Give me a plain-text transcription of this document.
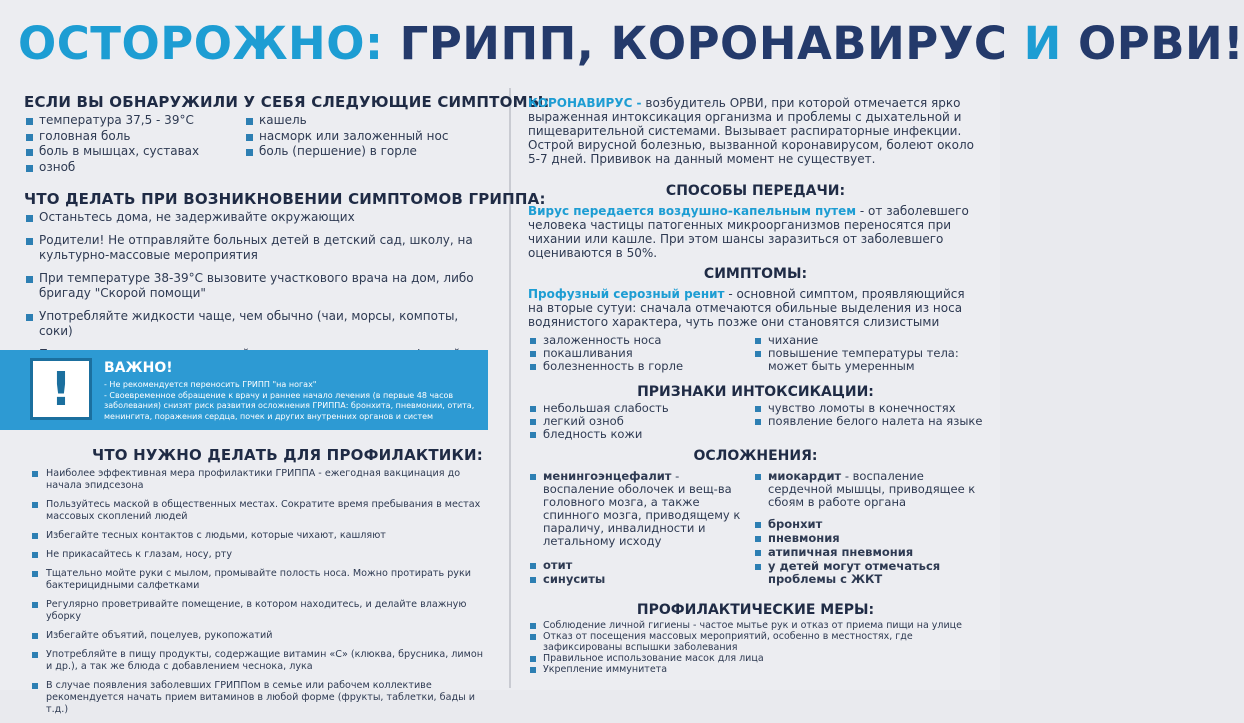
ОСТОРОЖНО: ГРИПП, КОРОНАВИРУС И ОРВИ!
ЕСЛИ ВЫ ОБНАРУЖИЛИ У СЕБЯ СЛЕДУЮЩИЕ СИМПТОМЫ:
температура 37,5 - 39°С
головная боль
боль в мышцах, суставах
озноб
кашель
насморк или заложенный нос
боль (першение) в горле
ЧТО ДЕЛАТЬ ПРИ ВОЗНИКНОВЕНИИ СИМПТОМОВ ГРИППА:
Останьтесь дома, не задерживайте окружающих
Родители! Не отправляйте больных детей в детский сад, школу, на культурно-массовые мероприятия
При температуре 38-39°С вызовите участкового врача на дом, либо бригаду "Скорой помощи"
Употребляйте жидкости чаще, чем обычно (чаи, морсы, компоты, соки)
!	ВАЖНО!
- Не рекомендуется переносить ГРИПП "на ногах"
- Своевременное обращение к врачу и раннее начало лечения (в первые 48 часов заболевания) снизят риск развития осложнения ГРИППА: бронхита, пневмонии, отита, менингита, поражения сердца, почек и других внутренних органов и систем
ЧТО НУЖНО ДЕЛАТЬ ДЛЯ ПРОФИЛАКТИКИ:
Наиболее эффективная мера профилактики ГРИППА - ежегодная вакцинация до начала эпидсезона
Пользуйтесь маской в общественных местах. Сократите время пребывания в местах массовых скоплений людей
Избегайте тесных контактов с людьми, которые чихают, кашляют
Не прикасайтесь к глазам, носу, рту
Тщательно мойте руки с мылом, промывайте полость носа. Можно протирать руки бактерицидными салфетками
Регулярно проветривайте помещение, в котором находитесь, и делайте влажную уборку
Избегайте объятий, поцелуев, рукопожатий
Употребляйте в пищу продукты, содержащие витамин «С» (клюква, брусника, лимон и др.), а так же блюда с добавлением чеснока, лука
В случае появления заболевших ГРИППом в семье или рабочем коллективе рекомендуется начать прием витаминов в любой форме (фрукты, таблетки, бады и т.д.)
КОРОНАВИРУС - возбудитель ОРВИ, при которой отмечается ярко выраженная интоксикация организма и проблемы с дыхательной и пищеварительной системами. Вызывает распираторные инфекции. Острой вирусной болезнью, вызванной коронавирусом, болеют около 5-7 дней. Прививок на данный момент не существует.
СПОСОБЫ ПЕРЕДАЧИ:
Вирус передается воздушно-капельным путем - от заболевшего человека частицы патогенных микроорганизмов переносятся при чихании или кашле. При этом шансы заразиться от заболевшего оцениваются в 50%.
СИМПТОМЫ:
Профузный серозный ренит - основной симптом, проявляющийся на вторые сутуи: сначала отмечаются обильные выделения из носа водянистого характера, чуть позже они становятся слизистыми
заложенность носа
покашливания
болезненность в горле
чихание
повышение температуры тела: может быть умеренным
ПРИЗНАКИ ИНТОКСИКАЦИИ:
небольшая слабость
легкий озноб
бледность кожи
чувство ломоты в конечностях
появление белого налета на языке
ОСЛОЖНЕНИЯ:
менингоэнцефалит - воспаление оболочек и вещ-ва головного мозга, а также спинного мозга, приводящему к параличу, инвалидности и летальному исходу
отит
синуситы
миокардит - воспаление сердечной мышцы, приводящее к сбоям в работе органа
бронхит
пневмония
атипичная пневмония
у детей могут отмечаться проблемы с ЖКТ
ПРОФИЛАКТИЧЕСКИЕ МЕРЫ:
Соблюдение личной гигиены - частое мытье рук и отказ от приема пищи на улице
Отказ от посещения массовых мероприятий, особенно в местностях, где зафиксированы вспышки заболевания
Правильное использование масок для лица
Укрепление иммунитета
